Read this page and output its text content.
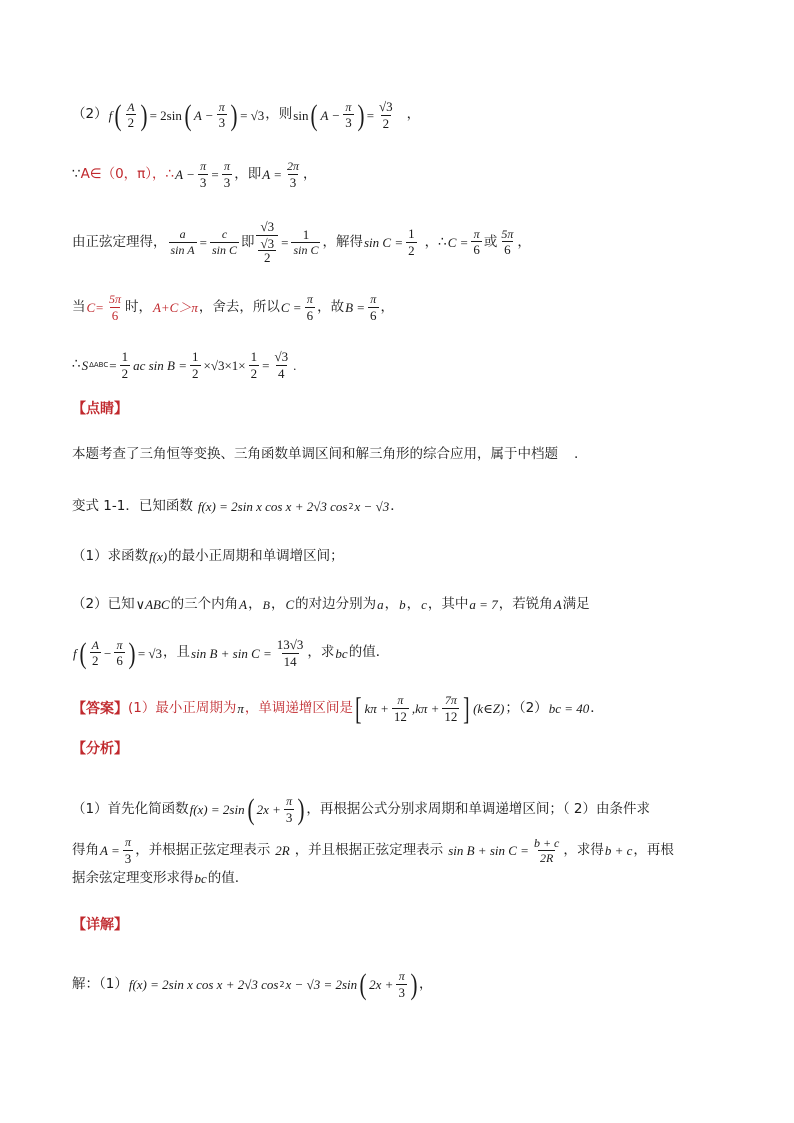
（2） f ( $\frac{A}{2}$ ) = 2sin ( $A - \frac{\pi}{3}$ ) = √3 ，则 sin ( $A - \frac{\pi}{3}$ ) = $\frac{√3}{2}$ ，
∵ A∈（0，π），∴ $A - \frac{\pi}{3} = \frac{\pi}{3}$ ，即 $A = \frac{2\pi}{3}$ ，
由正弦定理得， $\frac{a}{\text{sin A}} = \frac{c}{\text{sin C}}$ 即 √3
√3
$2 = \frac{1}{\text{sin C}}$ ，解得 $\sin C = \frac{1}{2}$ ，∴ $C = \frac{\pi}{6}$ 或 $\frac{5\pi}{6}$ ，
当 $C= \frac{5\pi}{6}$ 时， A+C＞π ，舍去，所以 $C = \frac{\pi}{6}$ ，故 $B = \frac{\pi}{6}$ ，
∴ S $\Delta ABC = \frac{1}{2}$ ac $\sin B = \frac{1}{2} \times√3\times 1\times \frac{1}{2} = \frac{√3}{4}$ .
【点睛】
本题考查了三角恒等变换、三角函数单调区间和解三角形的综合应用，属于中档题 .
变式 1-1．已知函数 f(x) = 2sin x cos x + 2√3 cos 2 x − √3 ．
（1）求函数 f(x) 的最小正周期和单调增区间；
（2）已知 ∨ABC 的三个内角 A ， B ， C 的对边分别为 a ， b ， c ，其中 a = 7 ，若锐角 A 满足
f ( $\frac{A}{2} - \frac{\pi}{6}$ ) = √3 ，且 $\sin B + \sin C = \frac{13√3}{14}$ ，求 bc 的值．
【答案】 (1）最小正周期为 π ，单调递增区间是 [ $k\pi + \frac{\pi}{12} ,k\pi + \frac{7\pi}{12}$ ] (k∈Z) ；（2） bc = 40 ．
【分析】
（1）首先化简函数 f(x) = 2sin ( $2x + \frac{\pi}{3}$ ) ，再根据公式分别求周期和单调递增区间；（ 2）由条件求
得角 $A = \frac{\pi}{3}$ ，并根据正弦定理表示 2R ，并且根据正弦定理表示 $\sin B + \sin C = \frac{b + c}{2R}$ ，求得 b + c ，再根
据余弦定理变形求得 bc 的值.
【详解】
解：（1） f(x) = 2sin x cos x + 2√3 cos 2 x − √3 = 2sin ( $2x + \frac{\pi}{3}$ ) ，
